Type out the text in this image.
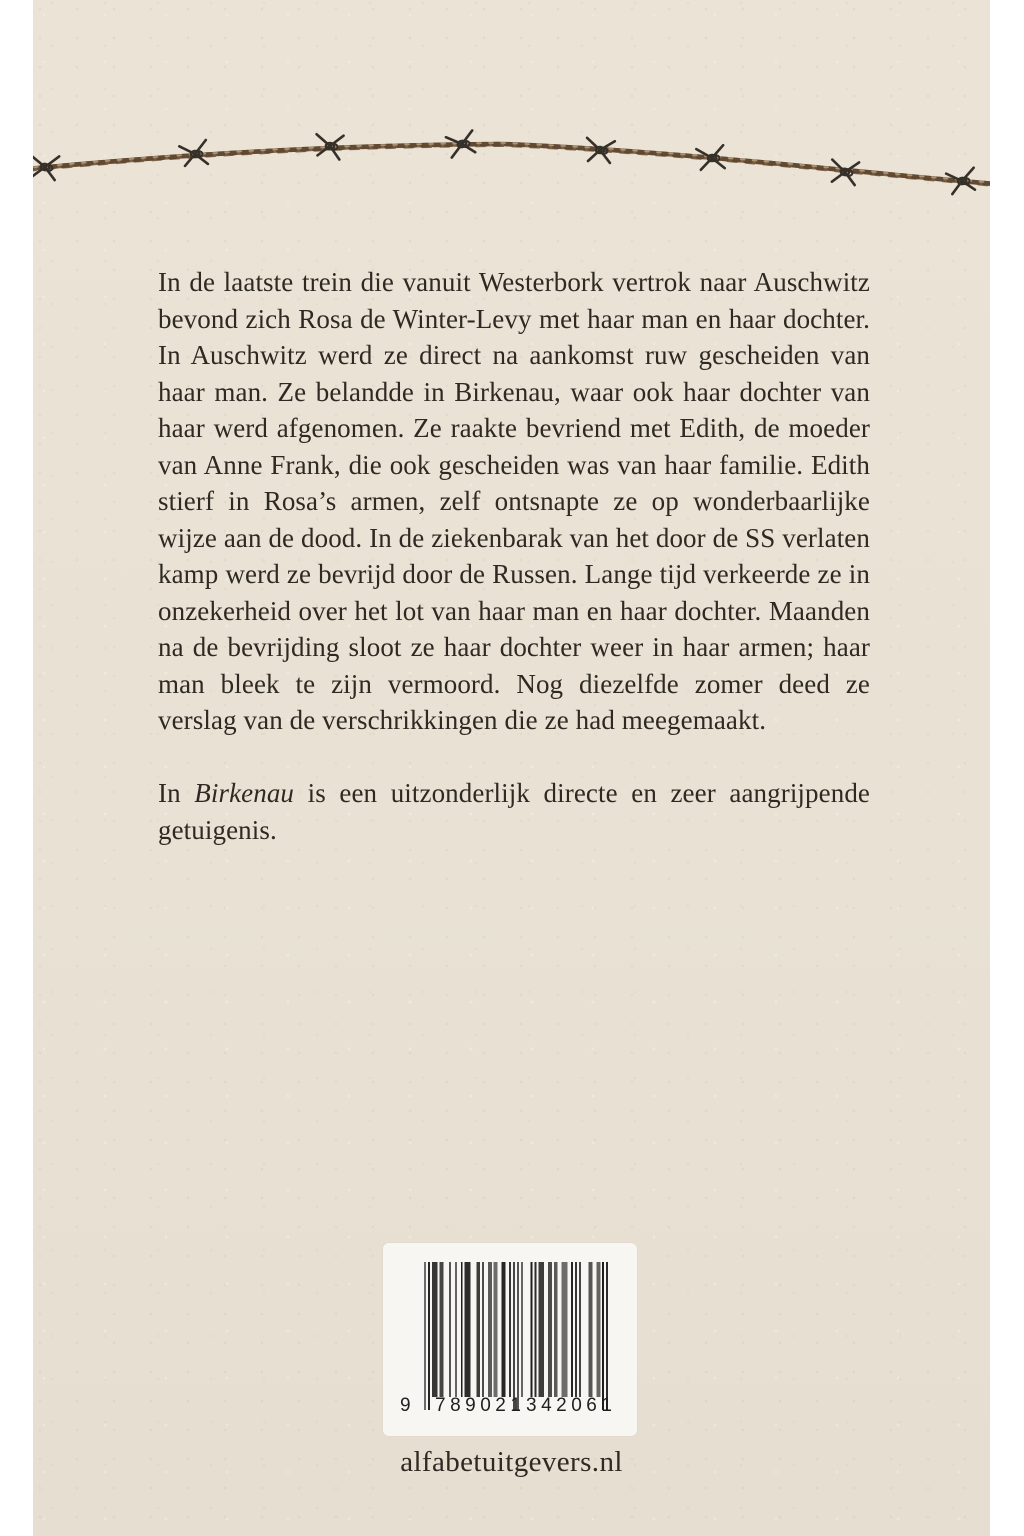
In de laatste trein die vanuit Westerbork vertrok naar Auschwitz bevond zich Rosa de Winter-Levy met haar man en haar dochter. In Auschwitz werd ze direct na aankomst ruw gescheiden van haar man. Ze belandde in Birkenau, waar ook haar dochter van haar werd afgenomen. Ze raakte bevriend met Edith, de moeder van Anne Frank, die ook gescheiden was van haar familie. Edith stierf in Rosa’s armen, zelf ontsnapte ze op wonderbaarlijke wijze aan de dood. In de ziekenbarak van het door de SS verlaten kamp werd ze bevrijd door de Russen. Lange tijd verkeerde ze in onzekerheid over het lot van haar man en haar dochter. Maanden na de bevrijding sloot ze haar dochter weer in haar armen; haar man bleek te zijn vermoord. Nog diezelfde zomer deed ze verslag van de verschrikkingen die ze had meegemaakt.

In Birkenau is een uitzonderlijk directe en zeer aangrijpende getuigenis.

9 789021 342061
alfabetuitgevers.nl
